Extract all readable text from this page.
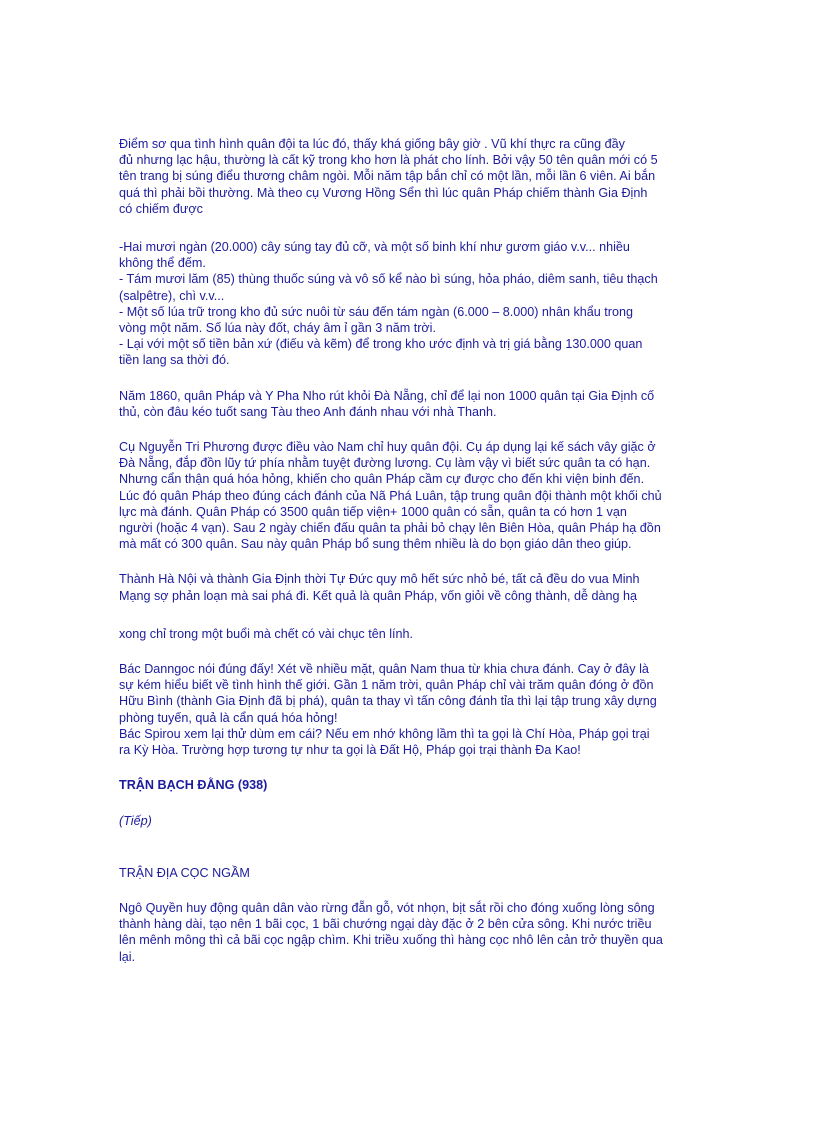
Điểm sơ qua tình hình quân đội ta lúc đó, thấy khá giống bây giờ . Vũ khí thực ra cũng đầy
đủ nhưng lạc hậu, thường là cất kỹ trong kho hơn là phát cho lính. Bởi vậy 50 tên quân mới có 5
tên trang bị súng điểu thương châm ngòi. Mỗi năm tập bắn chỉ có một lần, mỗi lần 6 viên. Ai bắn
quá thì phải bồi thường. Mà theo cụ Vương Hồng Sển thì lúc quân Pháp chiếm thành Gia Định
có chiếm được
-Hai mươi ngàn (20.000) cây súng tay đủ cỡ, và một số binh khí như gươm giáo v.v... nhiều
không thể đếm.
- Tám mươi lăm (85) thùng thuốc súng và vô số kể nào bì súng, hỏa pháo, diêm sanh, tiêu thạch
(salpêtre), chì v.v...
- Một số lúa trữ trong kho đủ sức nuôi từ sáu đến tám ngàn (6.000 – 8.000) nhân khẩu trong
vòng một năm. Số lúa này đốt, cháy âm ỉ gần 3 năm trời.
- Lại với một số tiền bản xứ (điếu và kẽm) để trong kho ước định và trị giá bằng 130.000 quan
tiền lang sa thời đó.
Năm 1860, quân Pháp và Y Pha Nho rút khỏi Đà Nẵng, chỉ để lại non 1000 quân tại Gia Định cố
thủ, còn đâu kéo tuốt sang Tàu theo Anh đánh nhau với nhà Thanh.
Cụ Nguyễn Tri Phương được điều vào Nam chỉ huy quân đội. Cụ áp dụng lại kế sách vây giặc ở
Đà Nẵng, đắp đồn lũy tứ phía nhằm tuyệt đường lương. Cụ làm vậy vì biết sức quân ta có hạn.
Nhưng cẩn thận quá hóa hỏng, khiến cho quân Pháp cầm cự được cho đến khi viện binh đến.
Lúc đó quân Pháp theo đúng cách đánh của Nã Phá Luân, tập trung quân đội thành một khối chủ
lực mà đánh. Quân Pháp có 3500 quân tiếp viện+ 1000 quân có sẵn, quân ta có hơn 1 vạn
người (hoặc 4 vạn). Sau 2 ngày chiến đấu quân ta phải bỏ chạy lên Biên Hòa, quân Pháp hạ đồn
mà mất có 300 quân. Sau này quân Pháp bổ sung thêm nhiều là do bọn giáo dân theo giúp.
Thành Hà Nội và thành Gia Định thời Tự Đức quy mô hết sức nhỏ bé, tất cả đều do vua Minh
Mạng sợ phản loạn mà sai phá đi. Kết quả là quân Pháp, vốn giỏi về công thành, dễ dàng hạ
xong chỉ trong một buổi mà chết có vài chục tên lính.
Bác Danngoc nói đúng đấy! Xét về nhiều mặt, quân Nam thua từ khia chưa đánh. Cay ở đây là
sự kém hiểu biết về tình hình thế giới. Gần 1 năm trời, quân Pháp chỉ vài trăm quân đóng ở đồn
Hữu Bình (thành Gia Định đã bị phá), quân ta thay vì tấn công đánh tỉa thì lại tập trung xây dựng
phòng tuyến, quả là cẩn quá hóa hỏng!
Bác Spirou xem lại thử dùm em cái? Nếu em nhớ không lầm thì ta gọi là Chí Hòa, Pháp gọi trại
ra Kỳ Hòa. Trường hợp tương tự như ta gọi là Đất Hộ, Pháp gọi trại thành Đa Kao!
TRẬN BẠCH ĐẰNG (938)
(Tiếp)
TRẬN ĐỊA CỌC NGẦM
Ngô Quyền huy động quân dân vào rừng đẵn gỗ, vót nhọn, bịt sắt rồi cho đóng xuống lòng sông
thành hàng dài, tạo nên 1 bãi cọc, 1 bãi chướng ngại dày đặc ở 2 bên cửa sông. Khi nước triều
lên mênh mông thì cả bãi cọc ngập chìm. Khi triều xuống thì hàng cọc nhô lên cản trở thuyền qua
lại.
